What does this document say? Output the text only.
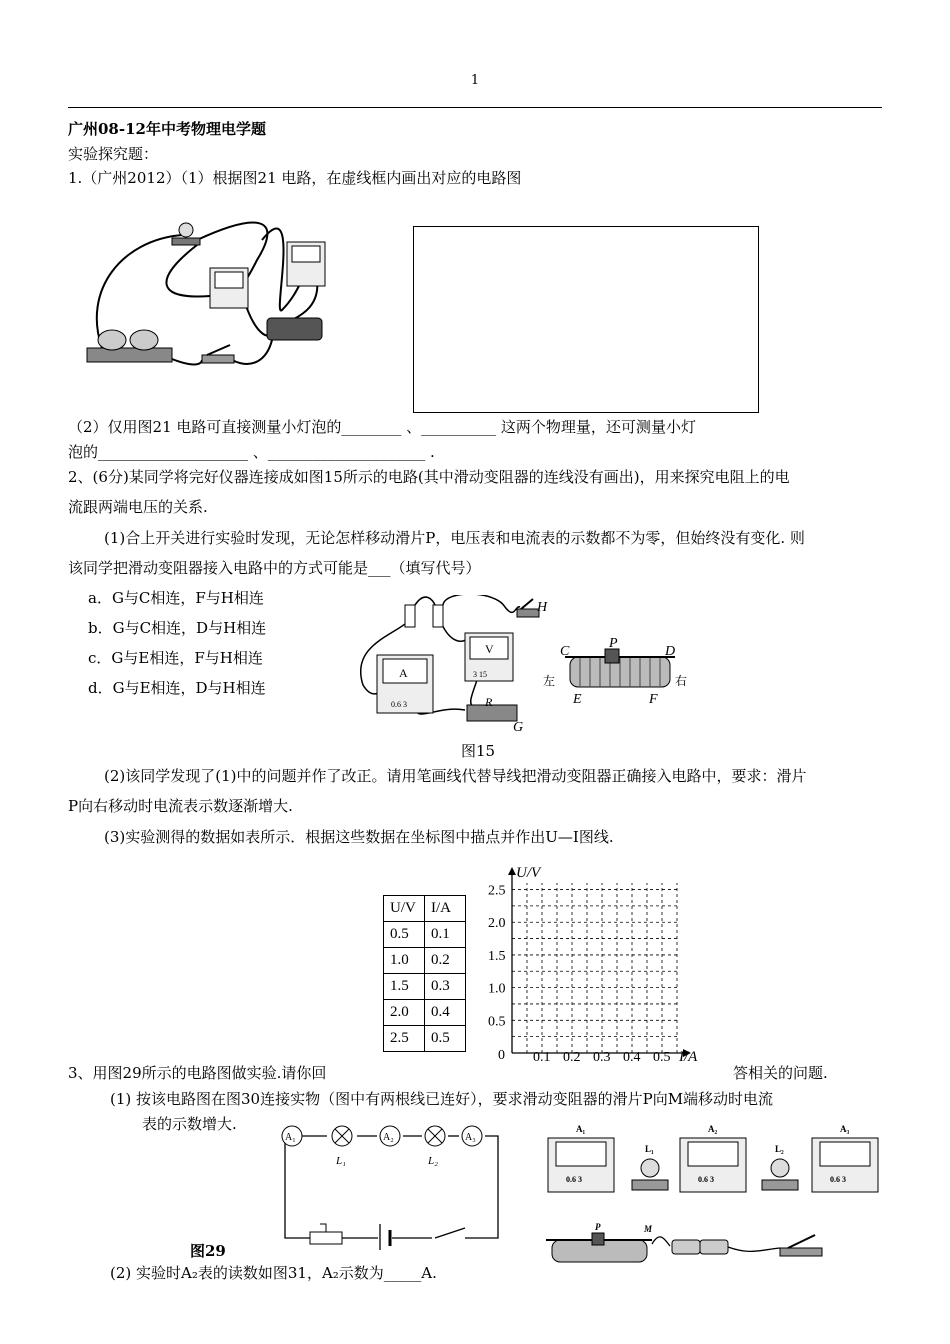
1
广州08-12年中考物理电学题
实验探究题：
1.（广州2012）（1）根据图21 电路，在虚线框内画出对应的电路图
（2）仅用图21 电路可直接测量小灯泡的________ 、__________ 这两个物理量，还可测量小灯
泡的____________________ 、_____________________ .
2、(6分)某同学将完好仪器连接成如图15所示的电路(其中滑动变阻器的连线没有画出)，用来探究电阻上的电
流跟两端电压的关系.
(1)合上开关进行实验时发现，无论怎样移动滑片P，电压表和电流表的示数都不为零，但始终没有变化. 则
该同学把滑动变阻器接入电路中的方式可能是___（填写代号）
a．G与C相连，F与H相连
b．G与C相连，D与H相连
c．G与E相连，F与H相连
d．G与E相连，D与H相连
H
A
0.6 3
V
3 15
R
G
C
P
D
E	F
左	右
图15
(2)该同学发现了(1)中的问题并作了改正。请用笔画线代替导线把滑动变阻器正确接入电路中，要求：滑片
P向右移动时电流表示数逐渐增大.
(3)实验测得的数据如表所示．根据这些数据在坐标图中描点并作出U—I图线.
U/V	I/A
0.5	0.1
1.0	0.2
1.5	0.3
2.0	0.4
2.5	0.5
0.1 0.2 0.3 0.4 0.5
0.5
1.0
1.5
2.0
2.5
0
U/V
I/A
3、用图29所示的电路图做实验.请你回	答相关的问题.
(1) 按该电路图在图30连接实物（图中有两根线已连好），要求滑动变阻器的滑片P向M端移动时电流
表的示数增大.
A₁
L₁
A₂
L₂
A₃
图29
(2) 实验时A₂表的读数如图31，A₂示数为_____A.
0.6 3
A₁
L₁
0.6 3
A₂
L₂
0.6 3
A₃
P	M
